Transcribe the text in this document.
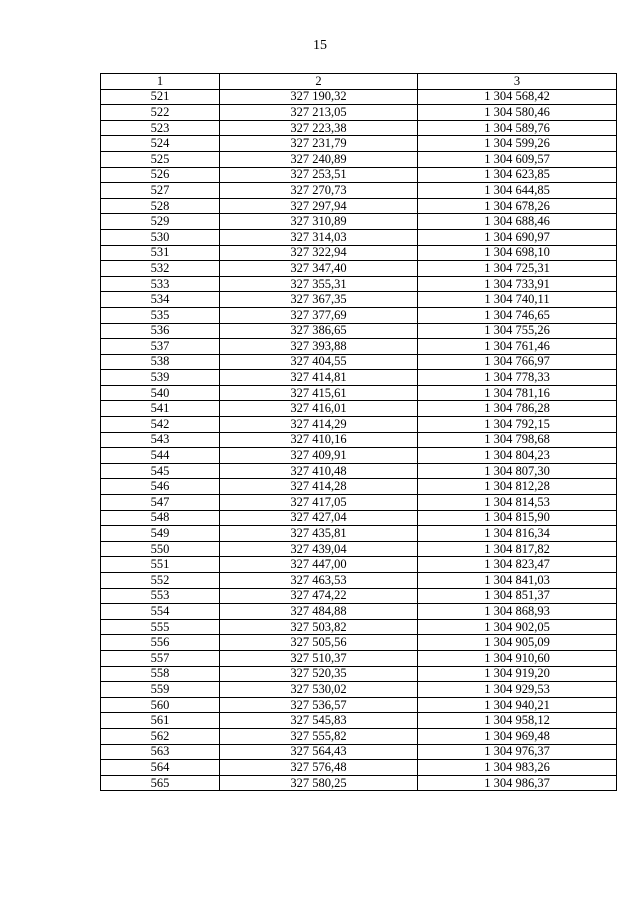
15
1	2	3
521	327 190,32	1 304 568,42
522	327 213,05	1 304 580,46
523	327 223,38	1 304 589,76
524	327 231,79	1 304 599,26
525	327 240,89	1 304 609,57
526	327 253,51	1 304 623,85
527	327 270,73	1 304 644,85
528	327 297,94	1 304 678,26
529	327 310,89	1 304 688,46
530	327 314,03	1 304 690,97
531	327 322,94	1 304 698,10
532	327 347,40	1 304 725,31
533	327 355,31	1 304 733,91
534	327 367,35	1 304 740,11
535	327 377,69	1 304 746,65
536	327 386,65	1 304 755,26
537	327 393,88	1 304 761,46
538	327 404,55	1 304 766,97
539	327 414,81	1 304 778,33
540	327 415,61	1 304 781,16
541	327 416,01	1 304 786,28
542	327 414,29	1 304 792,15
543	327 410,16	1 304 798,68
544	327 409,91	1 304 804,23
545	327 410,48	1 304 807,30
546	327 414,28	1 304 812,28
547	327 417,05	1 304 814,53
548	327 427,04	1 304 815,90
549	327 435,81	1 304 816,34
550	327 439,04	1 304 817,82
551	327 447,00	1 304 823,47
552	327 463,53	1 304 841,03
553	327 474,22	1 304 851,37
554	327 484,88	1 304 868,93
555	327 503,82	1 304 902,05
556	327 505,56	1 304 905,09
557	327 510,37	1 304 910,60
558	327 520,35	1 304 919,20
559	327 530,02	1 304 929,53
560	327 536,57	1 304 940,21
561	327 545,83	1 304 958,12
562	327 555,82	1 304 969,48
563	327 564,43	1 304 976,37
564	327 576,48	1 304 983,26
565	327 580,25	1 304 986,37
